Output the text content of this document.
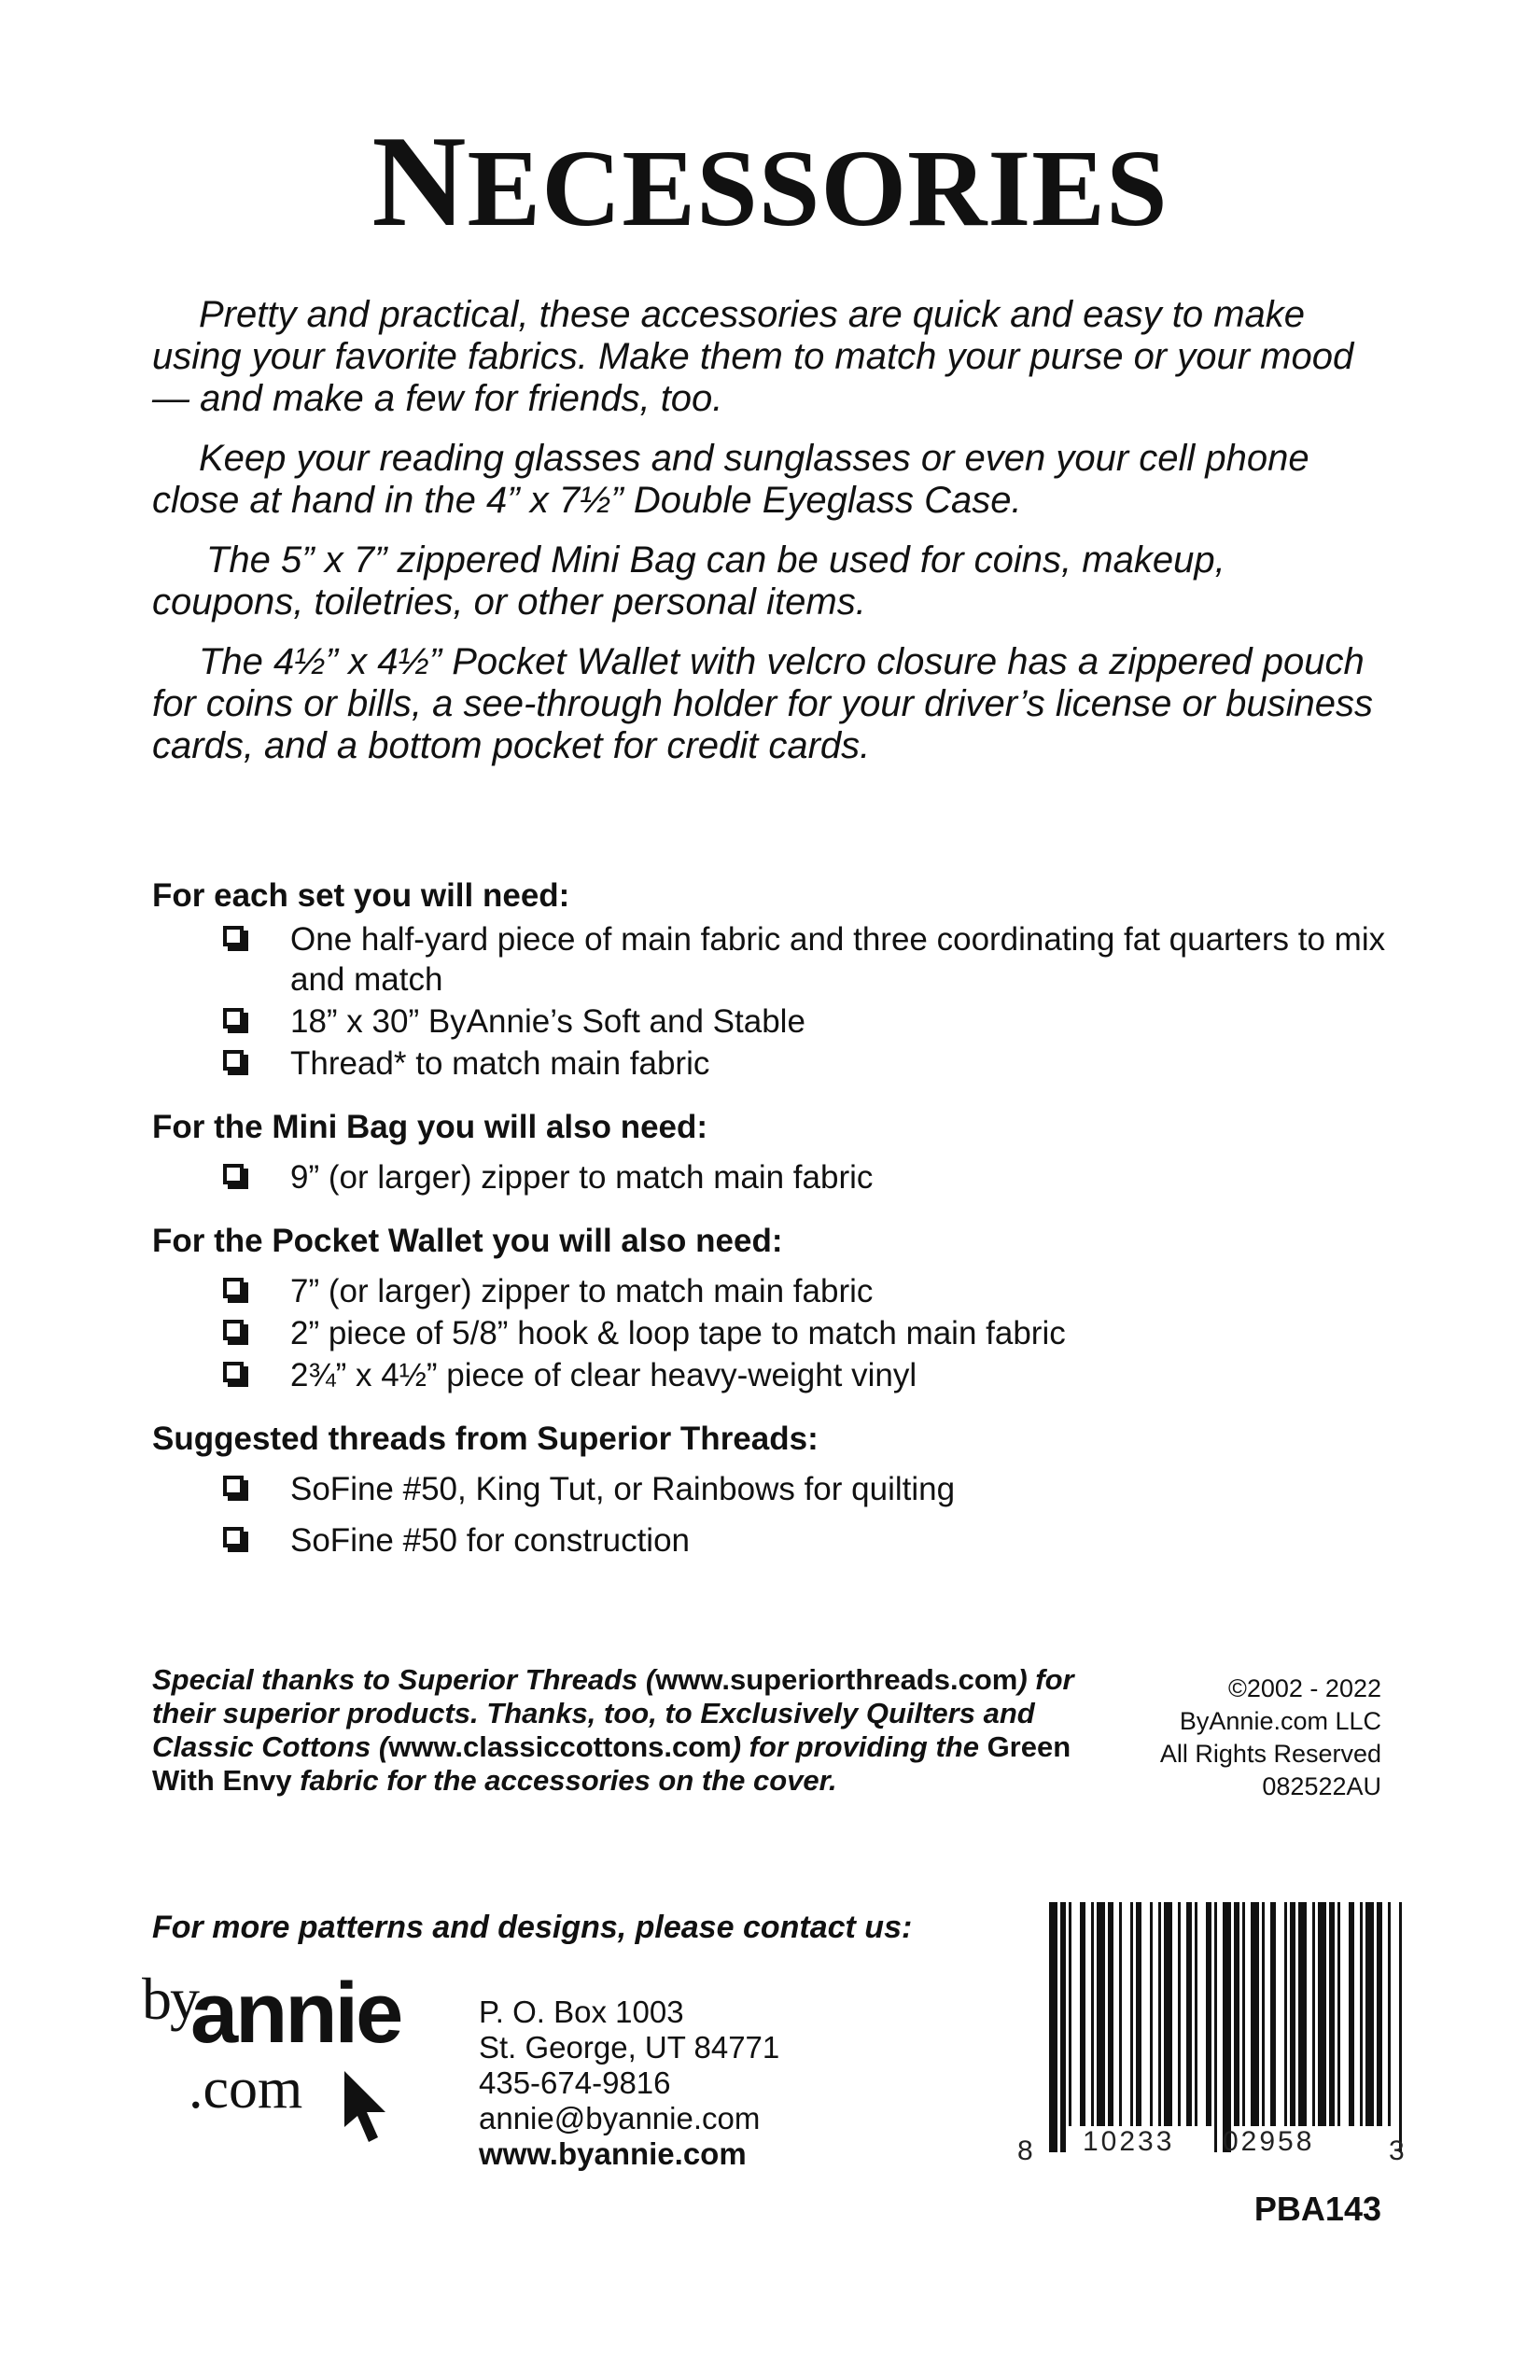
NECESSORIES

Pretty and practical, these accessories are quick and easy to make using your favorite fabrics. Make them to match your purse or your mood — and make a few for friends, too.

Keep your reading glasses and sunglasses or even your cell phone close at hand in the 4” x 7½” Double Eyeglass Case.

The 5” x 7” zippered Mini Bag can be used for coins, makeup, coupons, toiletries, or other personal items.

The 4½” x 4½” Pocket Wallet with velcro closure has a zippered pouch for coins or bills, a see-through holder for your driver’s license or business cards, and a bottom pocket for credit cards.

For each set you will need:
One half-yard piece of main fabric and three coordinating fat quarters to mix and match
18” x 30” ByAnnie’s Soft and Stable
Thread* to match main fabric
For the Mini Bag you will also need:
9” (or larger) zipper to match main fabric
For the Pocket Wallet you will also need:
7” (or larger) zipper to match main fabric
2” piece of 5/8” hook & loop tape to match main fabric
2¾” x 4½” piece of clear heavy-weight vinyl
Suggested threads from Superior Threads:
SoFine #50, King Tut, or Rainbows for quilting
SoFine #50 for construction
Special thanks to Superior Threads (www.superiorthreads.com) for their superior products. Thanks, too, to Exclusively Quilters and Classic Cottons (www.classiccottons.com) for providing the Green With Envy fabric for the accessories on the cover.
©2002 - 2022
ByAnnie.com LLC
All Rights Reserved
082522AU
For more patterns and designs, please contact us:
by
annie
.com
P. O. Box 1003
St. George, UT 84771
435-674-9816
annie@byannie.com
www.byannie.com	8 10233 02958	3
PBA143
